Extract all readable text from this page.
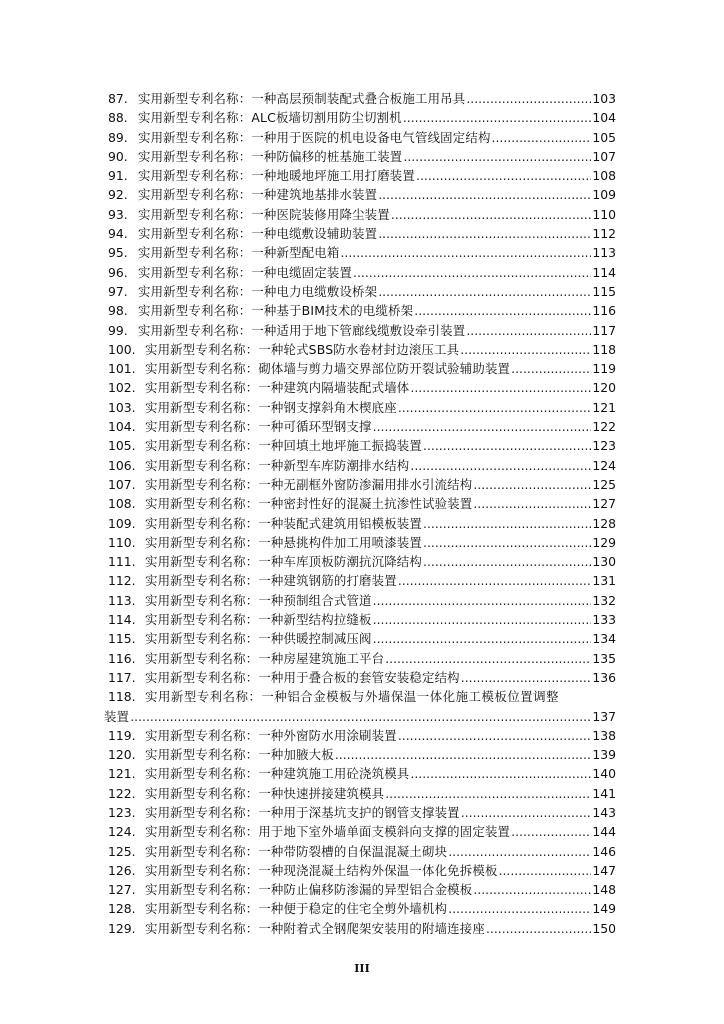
87. 实用新型专利名称：一种高层预制装配式叠合板施工用吊具 .....	103
88. 实用新型专利名称：ALC板墙切割用防尘切割机 .....	104
89. 实用新型专利名称：一种用于医院的机电设备电气管线固定结构 .....	105
90. 实用新型专利名称：一种防偏移的桩基施工装置 .....	107
91. 实用新型专利名称：一种地暖地坪施工用打磨装置 .....	108
92. 实用新型专利名称：一种建筑地基排水装置 .....	109
93. 实用新型专利名称：一种医院装修用降尘装置 .....	110
94. 实用新型专利名称：一种电缆敷设辅助装置 .....	112
95. 实用新型专利名称：一种新型配电箱 .....	113
96. 实用新型专利名称：一种电缆固定装置 .....	114
97. 实用新型专利名称：一种电力电缆敷设桥架 .....	115
98. 实用新型专利名称：一种基于BIM技术的电缆桥架 .....	116
99. 实用新型专利名称：一种适用于地下管廊线缆敷设牵引装置 .....	117
100. 实用新型专利名称：一种轮式SBS防水卷材封边滚压工具 .....	118
101. 实用新型专利名称：砌体墙与剪力墙交界部位防开裂试验辅助装置 .....	119
102. 实用新型专利名称：一种建筑内隔墙装配式墙体 .....	120
103. 实用新型专利名称：一种钢支撑斜角木楔底座 .....	121
104. 实用新型专利名称：一种可循环型钢支撑 .....	122
105. 实用新型专利名称：一种回填土地坪施工振捣装置 .....	123
106. 实用新型专利名称：一种新型车库防潮排水结构 .....	124
107. 实用新型专利名称：一种无副框外窗防渗漏用排水引流结构 .....	125
108. 实用新型专利名称：一种密封性好的混凝土抗渗性试验装置 .....	127
109. 实用新型专利名称：一种装配式建筑用铝模板装置 .....	128
110. 实用新型专利名称：一种悬挑构件加工用喷漆装置 .....	129
111. 实用新型专利名称：一种车库顶板防潮抗沉降结构 .....	130
112. 实用新型专利名称：一种建筑钢筋的打磨装置 .....	131
113. 实用新型专利名称：一种预制组合式管道 .....	132
114. 实用新型专利名称：一种新型结构拉缝板 .....	133
115. 实用新型专利名称：一种供暖控制减压阀 .....	134
116. 实用新型专利名称：一种房屋建筑施工平台 .....	135
117. 实用新型专利名称：一种用于叠合板的套管安装稳定结构 .....	136
118. 实用新型专利名称：一种铝合金模板与外墙保温一体化施工模板位置调整
装置 .....	137
119. 实用新型专利名称：一种外窗防水用涂刷装置 .....	138
120. 实用新型专利名称：一种加腋大板 .....	139
121. 实用新型专利名称：一种建筑施工用砼浇筑模具 .....	140
122. 实用新型专利名称：一种快速拼接建筑模具 .....	141
123. 实用新型专利名称：一种用于深基坑支护的钢管支撑装置 .....	143
124. 实用新型专利名称：用于地下室外墙单面支模斜向支撑的固定装置 .....	144
125. 实用新型专利名称：一种带防裂槽的自保温混凝土砌块 .....	146
126. 实用新型专利名称：一种现浇混凝土结构外保温一体化免拆模板 .....	147
127. 实用新型专利名称：一种防止偏移防渗漏的异型铝合金模板 .....	148
128. 实用新型专利名称：一种便于稳定的住宅全剪外墙机构 .....	149
129. 实用新型专利名称：一种附着式全钢爬架安装用的附墙连接座 .....	150
III
